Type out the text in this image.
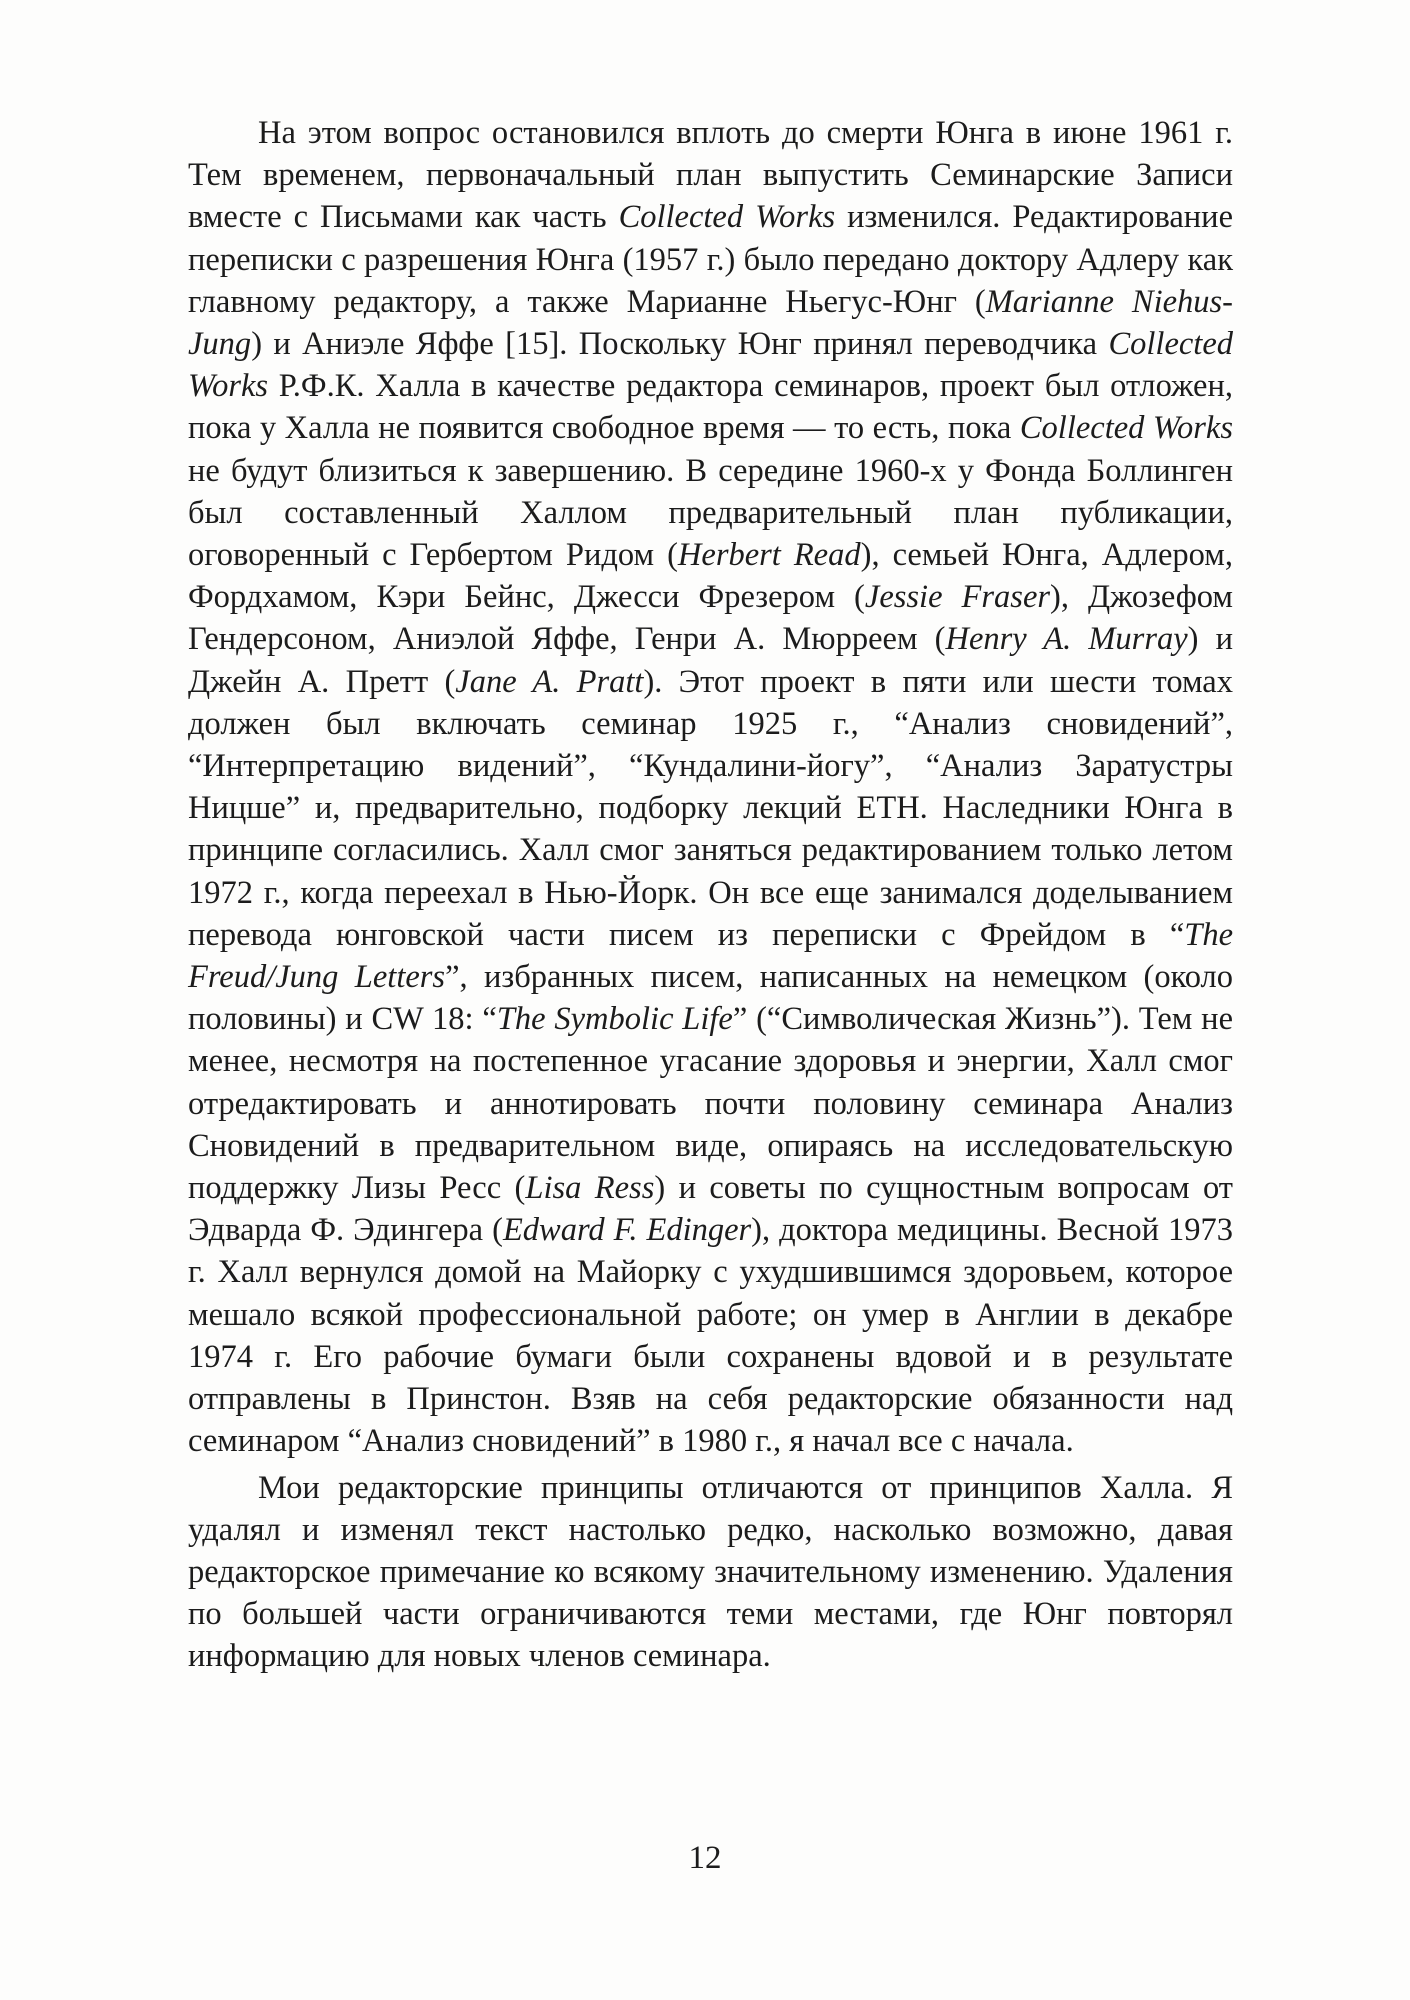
На этом вопрос остановился вплоть до смерти Юнга в июне 1961 г. Тем временем, первоначальный план выпустить Семинарские Записи вместе с Письмами как часть Collected Works изменился. Редактирование переписки с разрешения Юнга (1957 г.) было передано доктору Адлеру как главному редактору, а также Марианне Ньегус-Юнг (Marianne Niehus-Jung) и Аниэле Яффе [15]. Поскольку Юнг принял переводчика Collected Works Р.Ф.К. Халла в качестве редактора семинаров, проект был отложен, пока у Халла не появится свободное время — то есть, пока Collected Works не будут близиться к завершению. В середине 1960-х у Фонда Боллинген был составленный Халлом предварительный план публикации, оговоренный с Гербертом Ридом (Herbert Read), семьей Юнга, Адлером, Фордхамом, Кэри Бейнс, Джесси Фрезером (Jessie Fraser), Джозефом Гендерсоном, Аниэлой Яффе, Генри А. Мюрреем (Henry A. Murray) и Джейн А. Претт (Jane A. Pratt). Этот проект в пяти или шести томах должен был включать семинар 1925 г., “Анализ сновидений”, “Интерпретацию видений”, “Кундалини-йогу”, “Анализ Заратустры Ницше” и, предварительно, подборку лекций ETH. Наследники Юнга в принципе согласились. Халл смог заняться редактированием только летом 1972 г., когда переехал в Нью-Йорк. Он все еще занимался доделыванием перевода юнговской части писем из переписки с Фрейдом в “The Freud/Jung Letters”, избранных писем, написанных на немецком (около половины) и CW 18: “The Symbolic Life” (“Символическая Жизнь”). Тем не менее, несмотря на постепенное угасание здоровья и энергии, Халл смог отредактировать и аннотировать почти половину семинара Анализ Сновидений в предварительном виде, опираясь на исследовательскую поддержку Лизы Ресс (Lisa Ress) и советы по сущностным вопросам от Эдварда Ф. Эдингера (Edward F. Edinger), доктора медицины. Весной 1973 г. Халл вернулся домой на Майорку с ухудшившимся здоровьем, которое мешало всякой профессиональной работе; он умер в Англии в декабре 1974 г. Его рабочие бумаги были сохранены вдовой и в результате отправлены в Принстон. Взяв на себя редакторские обязанности над семинаром “Анализ сновидений” в 1980 г., я начал все с начала.

Мои редакторские принципы отличаются от принципов Халла. Я удалял и изменял текст настолько редко, насколько возможно, давая редакторское примечание ко всякому значительному изменению. Удаления по большей части ограничиваются теми местами, где Юнг повторял информацию для новых членов семинара.

12
